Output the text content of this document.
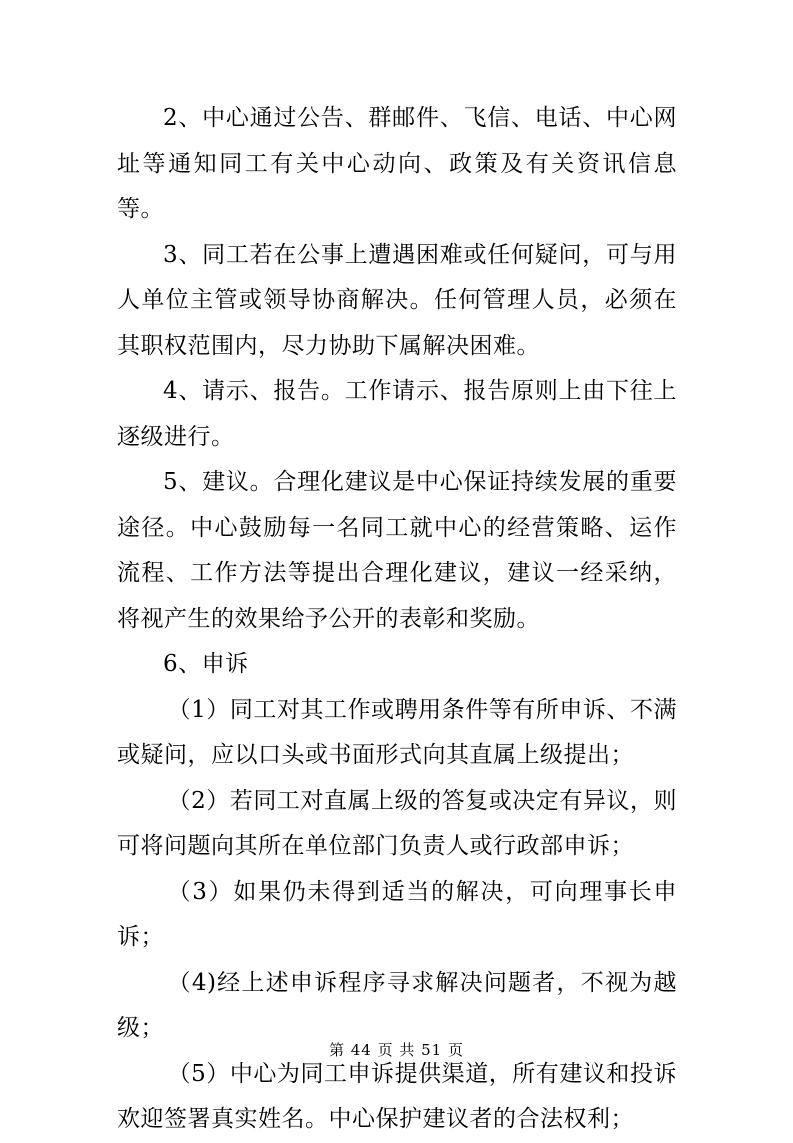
2、中心通过公告、群邮件、飞信、电话、中心网址等通知同工有关中心动向、政策及有关资讯信息等。

3、同工若在公事上遭遇困难或任何疑问，可与用人单位主管或领导协商解决。任何管理人员，必须在其职权范围内，尽力协助下属解决困难。

4、请示、报告。工作请示、报告原则上由下往上逐级进行。

5、建议。合理化建议是中心保证持续发展的重要途径。中心鼓励每一名同工就中心的经营策略、运作流程、工作方法等提出合理化建议，建议一经采纳，将视产生的效果给予公开的表彰和奖励。

6、申诉

（1）同工对其工作或聘用条件等有所申诉、不满或疑问，应以口头或书面形式向其直属上级提出；

（2）若同工对直属上级的答复或决定有异议，则可将问题向其所在单位部门负责人或行政部申诉；

（3）如果仍未得到适当的解决，可向理事长申诉；

（4)经上述申诉程序寻求解决问题者，不视为越级；

（5）中心为同工申诉提供渠道，所有建议和投诉欢迎签署真实姓名。中心保护建议者的合法权利；

第 44 页 共 51 页
